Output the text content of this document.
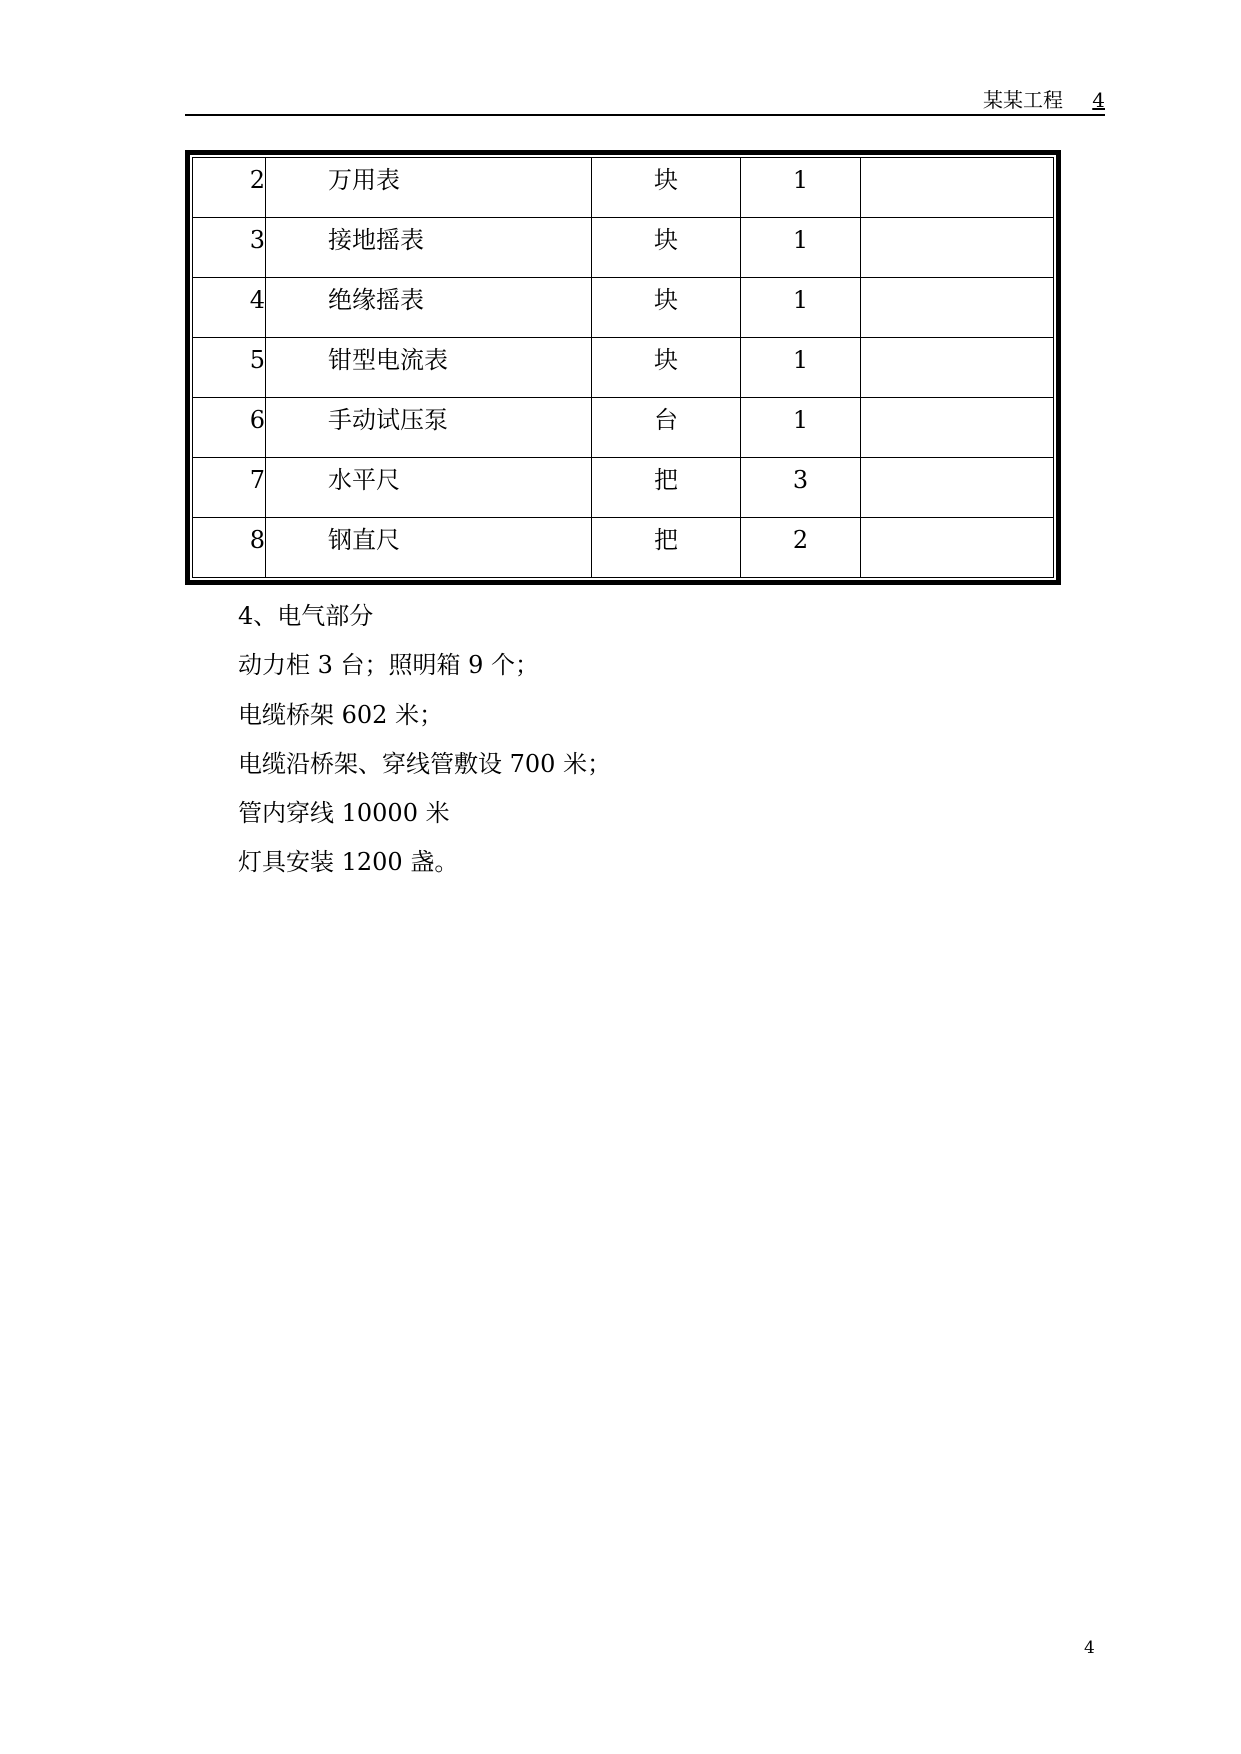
某某工程 4
2	万用表	块	1	
3	接地摇表	块	1	
4	绝缘摇表	块	1	
5	钳型电流表	块	1	
6	手动试压泵	台	1	
7	水平尺	把	3	
8	钢直尺	把	2	

4、电气部分

动力柜 3 台；照明箱 9 个；

电缆桥架 602 米；

电缆沿桥架、穿线管敷设 700 米；

管内穿线 10000 米

灯具安装 1200 盏。

4
